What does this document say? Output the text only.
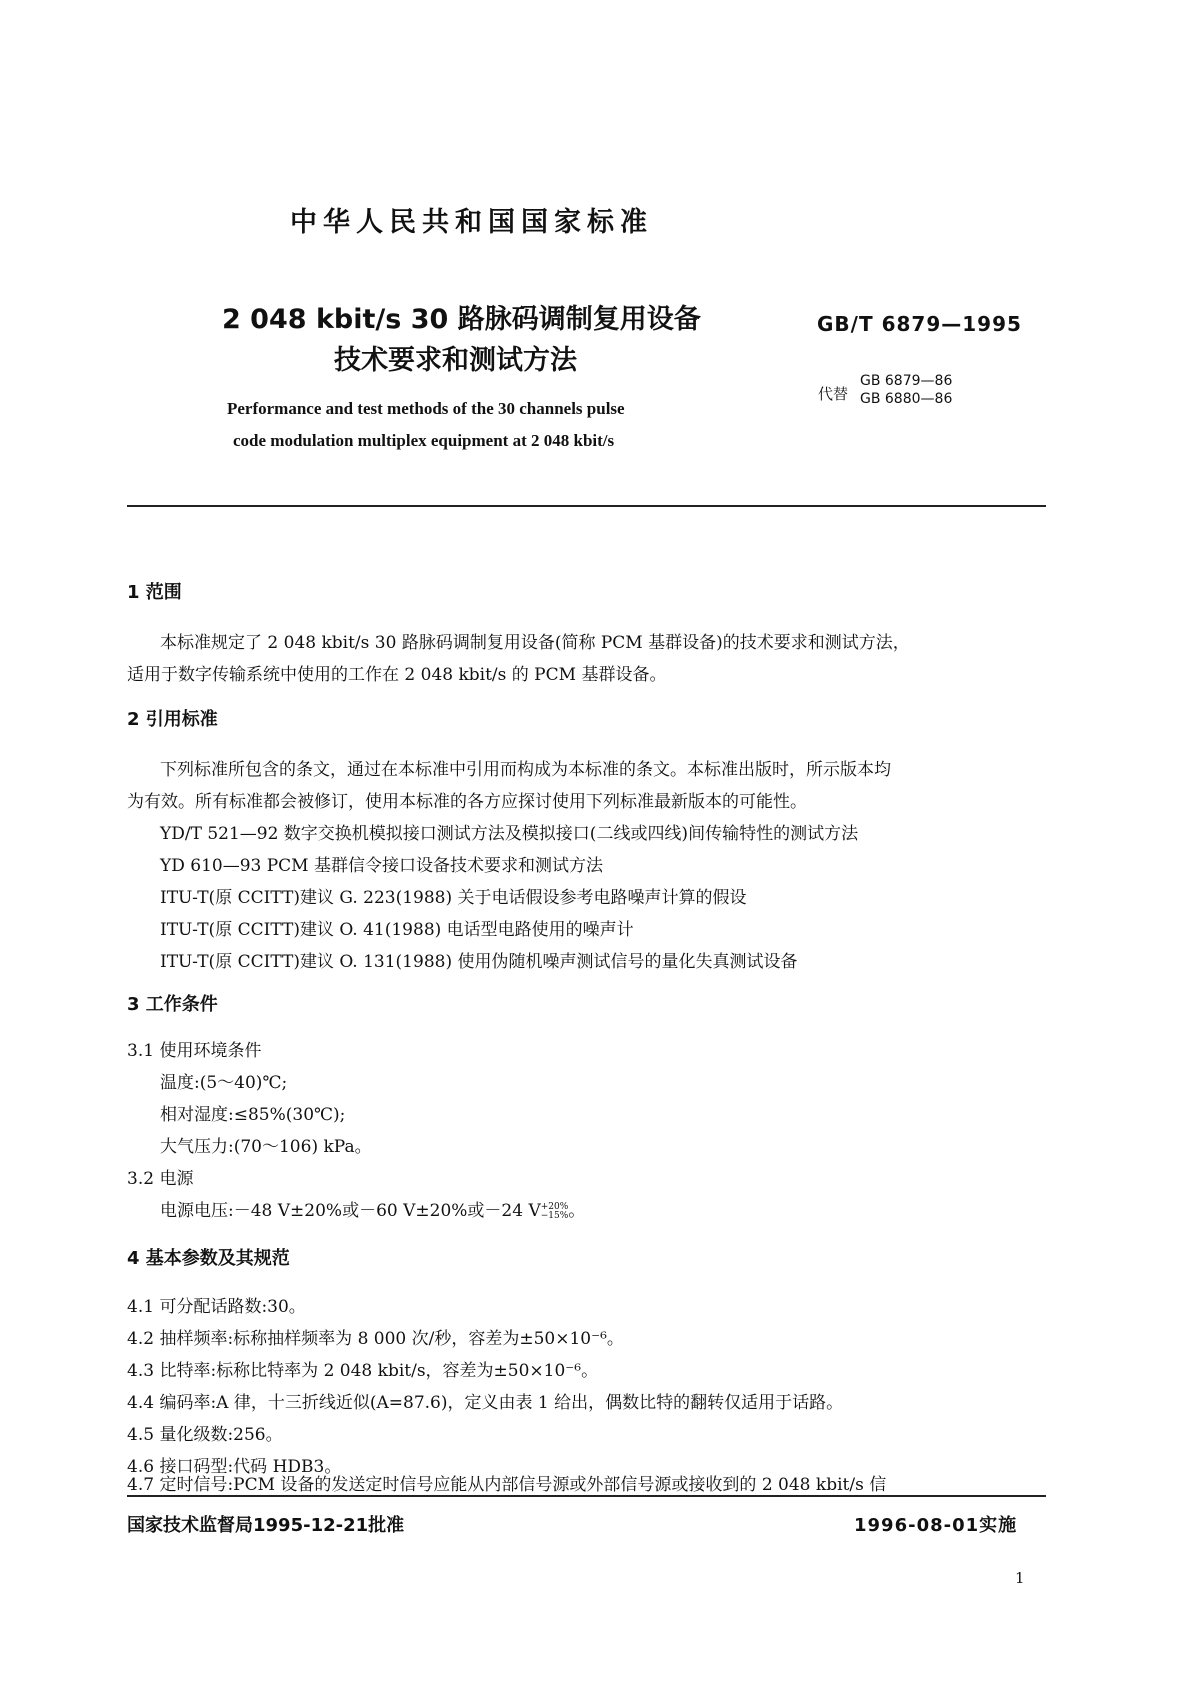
中华人民共和国国家标准
2 048 kbit/s 30 路脉码调制复用设备
技术要求和测试方法
Performance and test methods of the 30 channels pulse
code modulation multiplex equipment at 2 048 kbit/s
GB/T 6879—1995
代替
GB 6879—86
GB 6880—86
1 范围
本标准规定了 2 048 kbit/s 30 路脉码调制复用设备(简称 PCM 基群设备)的技术要求和测试方法，
适用于数字传输系统中使用的工作在 2 048 kbit/s 的 PCM 基群设备。
2 引用标准
下列标准所包含的条文，通过在本标准中引用而构成为本标准的条文。本标准出版时，所示版本均
为有效。所有标准都会被修订，使用本标准的各方应探讨使用下列标准最新版本的可能性。
YD/T 521—92 数字交换机模拟接口测试方法及模拟接口(二线或四线)间传输特性的测试方法
YD 610—93 PCM 基群信令接口设备技术要求和测试方法
ITU-T(原 CCITT)建议 G. 223(1988) 关于电话假设参考电路噪声计算的假设
ITU-T(原 CCITT)建议 O. 41(1988) 电话型电路使用的噪声计
ITU-T(原 CCITT)建议 O. 131(1988) 使用伪随机噪声测试信号的量化失真测试设备
3 工作条件
3.1 使用环境条件
温度:(5～40)℃;
相对湿度:≤85%(30℃);
大气压力:(70～106) kPa。
3.2 电源
电源电压:－48 V±20%或－60 V±20%或－24 V+20%
−15%。
4 基本参数及其规范
4.1 可分配话路数:30。
4.2 抽样频率:标称抽样频率为 8 000 次/秒，容差为±50×10⁻⁶。
4.3 比特率:标称比特率为 2 048 kbit/s，容差为±50×10⁻⁶。
4.4 编码率:A 律，十三折线近似(A=87.6)，定义由表 1 给出，偶数比特的翻转仅适用于话路。
4.5 量化级数:256。
4.6 接口码型:代码 HDB3。
4.7 定时信号:PCM 设备的发送定时信号应能从内部信号源或外部信号源或接收到的 2 048 kbit/s 信
国家技术监督局1995-12-21批准	1996-08-01实施
1
